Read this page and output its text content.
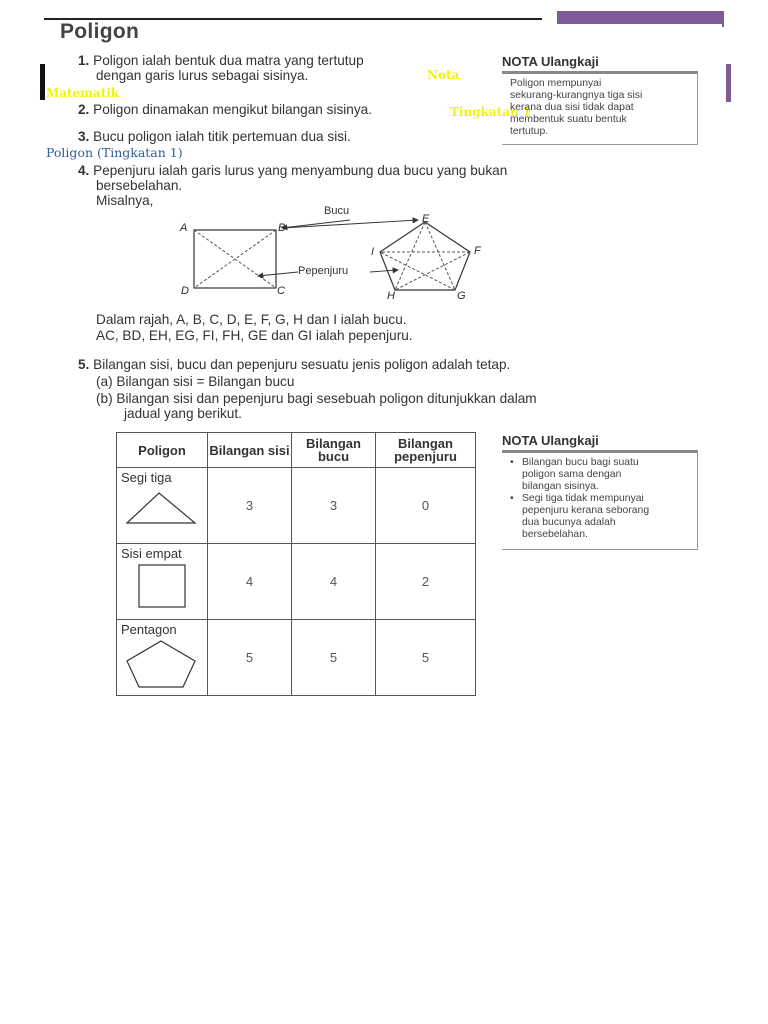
Poligon
1. Poligon ialah bentuk dua matra yang tertutup
dengan garis lurus sebagai sisinya.
2. Poligon dinamakan mengikut bilangan sisinya.
3. Bucu poligon ialah titik pertemuan dua sisi.
Nota
Matematik
Tingkatan 1
Poligon (Tingkatan 1)
4. Pepenjuru ialah garis lurus yang menyambung dua bucu yang bukan
bersebelahan.
Misalnya,
NOTA Ulangkaji
Poligon mempunyai
sekurang-kurangnya tiga sisi
kerana dua sisi tidak dapat
membentuk suatu bentuk
tertutup.
Bucu
Pepenjuru
A	B
C
D
E
F
G
H
I
Dalam rajah, A, B, C, D, E, F, G, H dan I ialah bucu.
AC, BD, EH, EG, FI, FH, GE dan GI ialah pepenjuru.
5. Bilangan sisi, bucu dan pepenjuru sesuatu jenis poligon adalah tetap.
(a) Bilangan sisi = Bilangan bucu
(b) Bilangan sisi dan pepenjuru bagi sesebuah poligon ditunjukkan dalam
jadual yang berikut.
Poligon	Bilangan sisi	Bilangan bucu	Bilangan pepenjuru

Segi tiga	3	3	0

Sisi empat	4	4	2

Pentagon	5	5	5
NOTA Ulangkaji
• Bilangan bucu bagi suatu
poligon sama dengan
bilangan sisinya.
• Segi tiga tidak mempunyai
pepenjuru kerana seborang
dua bucunya adalah
bersebelahan.
